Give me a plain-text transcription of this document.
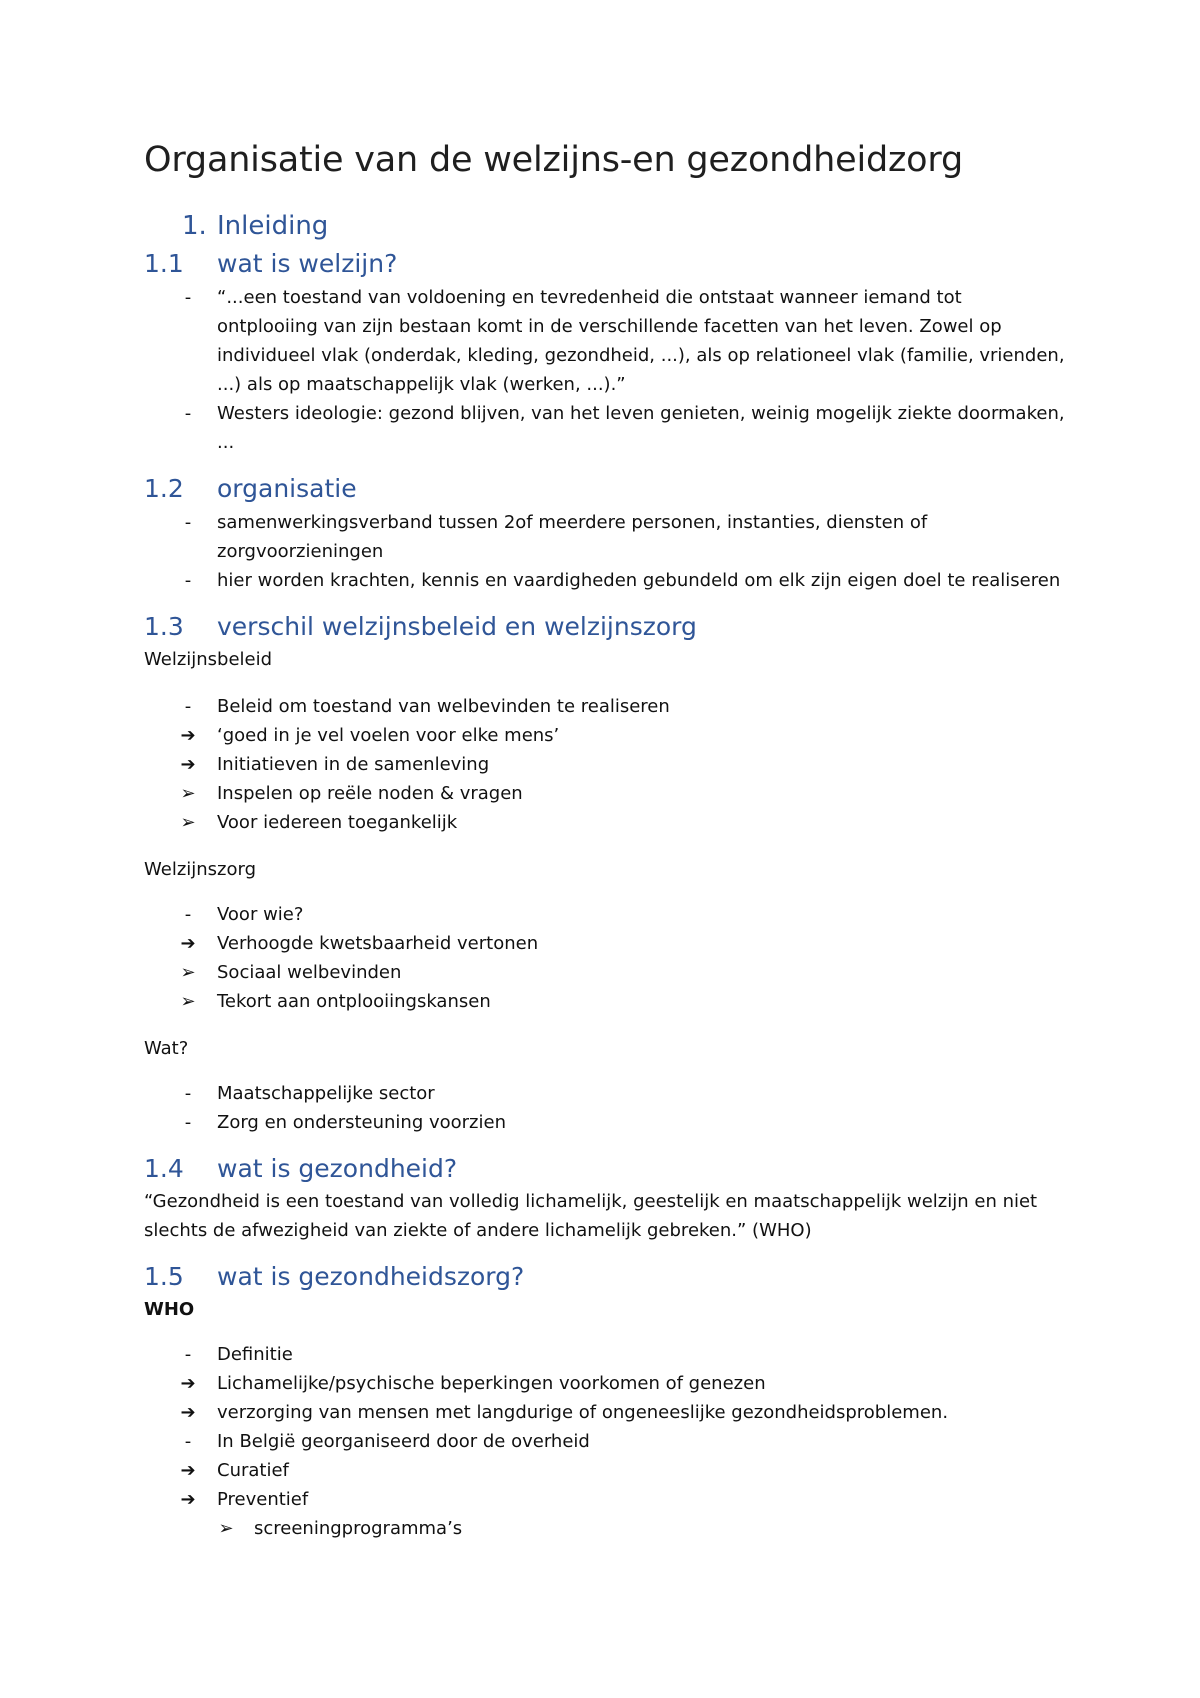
Organisatie van de welzijns-en gezondheidzorg
1. Inleiding
1.1 wat is welzijn?
-	“...een toestand van voldoening en tevredenheid die ontstaat wanneer iemand tot
ontplooiing van zijn bestaan komt in de verschillende facetten van het leven. Zowel op
individueel vlak (onderdak, kleding, gezondheid, ...), als op relationeel vlak (familie, vrienden,
...) als op maatschappelijk vlak (werken, ...).”
-	Westers ideologie: gezond blijven, van het leven genieten, weinig mogelijk ziekte doormaken,
...
1.2 organisatie
-	samenwerkingsverband tussen 2of meerdere personen, instanties, diensten of
zorgvoorzieningen
-	hier worden krachten, kennis en vaardigheden gebundeld om elk zijn eigen doel te realiseren
1.3 verschil welzijnsbeleid en welzijnszorg
Welzijnsbeleid
-	Beleid om toestand van welbevinden te realiseren
➔ ‘goed in je vel voelen voor elke mens’
➔ Initiatieven in de samenleving
➢ Inspelen op reële noden & vragen
➢ Voor iedereen toegankelijk
Welzijnszorg
-	Voor wie?
➔ Verhoogde kwetsbaarheid vertonen
➢ Sociaal welbevinden
➢ Tekort aan ontplooiingskansen
Wat?
-	Maatschappelijke sector
-	Zorg en ondersteuning voorzien
1.4 wat is gezondheid?
“Gezondheid is een toestand van volledig lichamelijk, geestelijk en maatschappelijk welzijn en niet
slechts de afwezigheid van ziekte of andere lichamelijk gebreken.” (WHO)
1.5 wat is gezondheidszorg?
WHO
-	Definitie
➔ Lichamelijke/psychische beperkingen voorkomen of genezen
➔ verzorging van mensen met langdurige of ongeneeslijke gezondheidsproblemen.
-	In België georganiseerd door de overheid
➔ Curatief
➔ Preventief
➢ screeningprogramma’s
